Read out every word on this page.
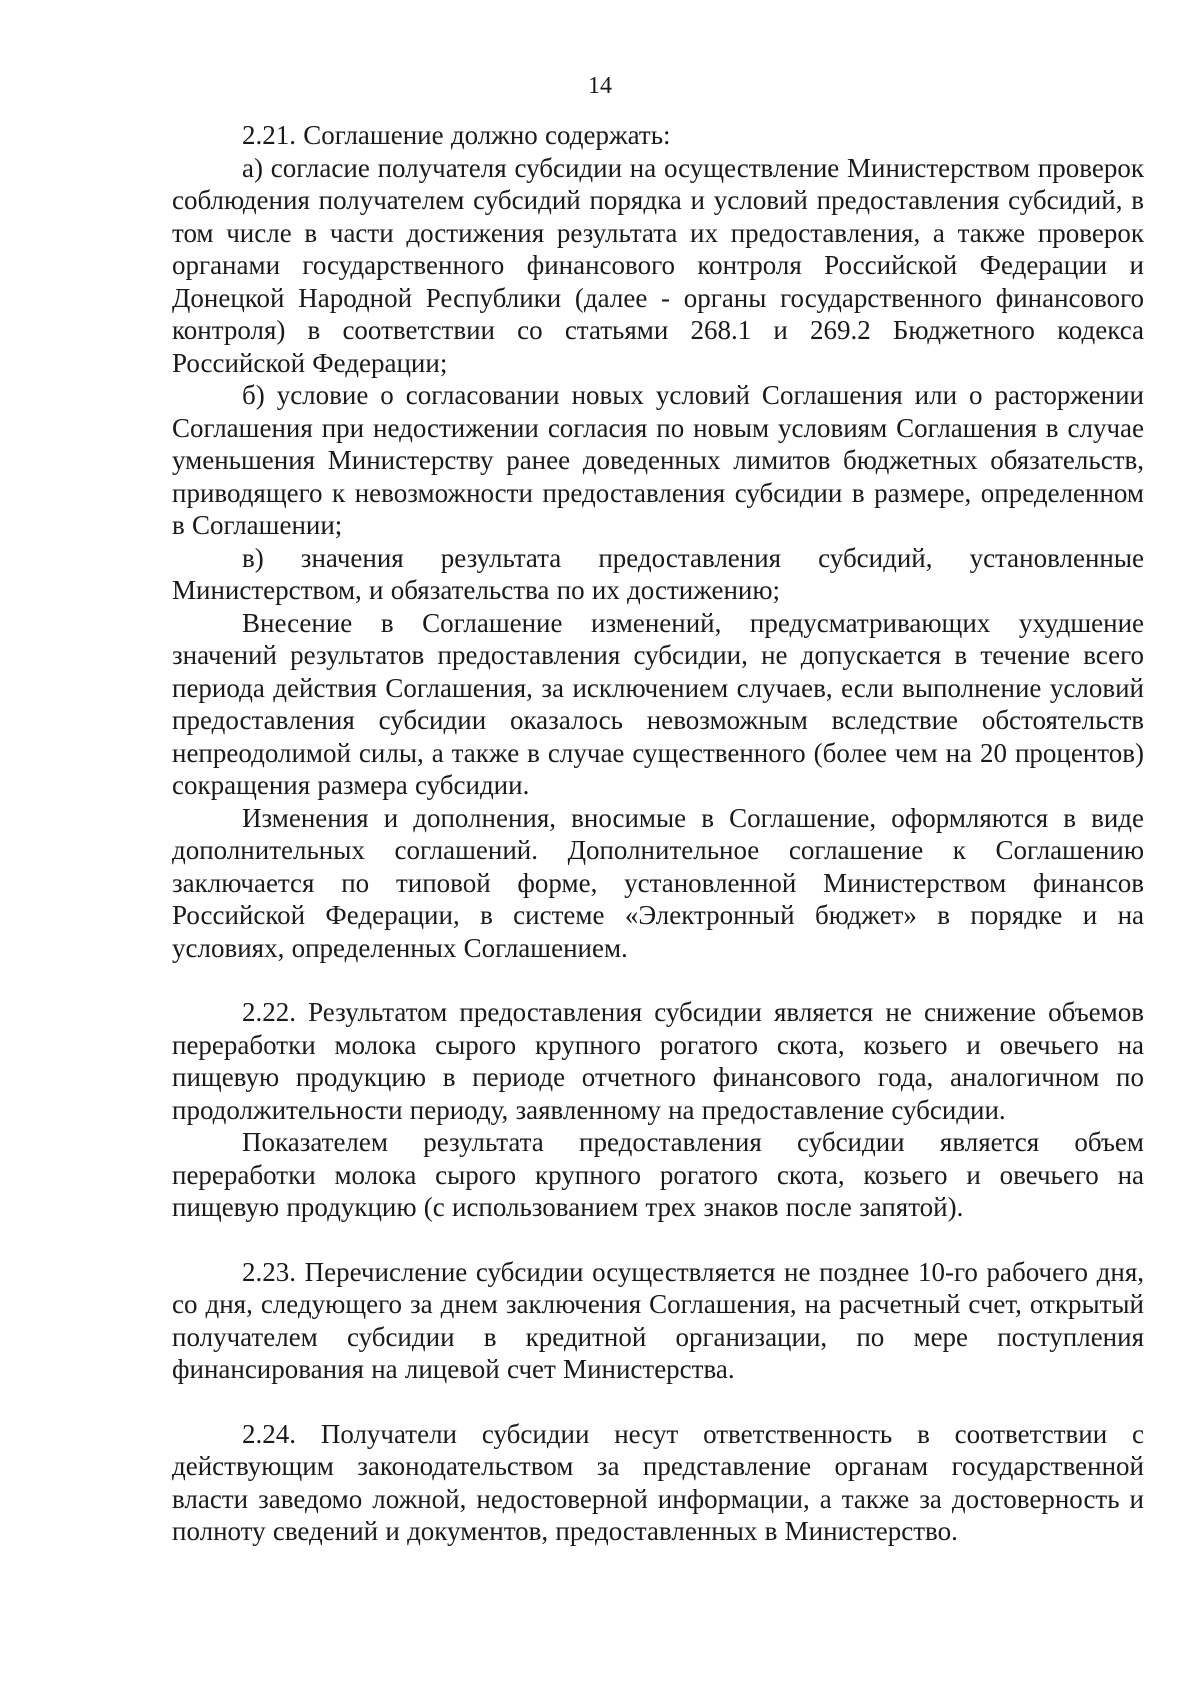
14

2.21. Соглашение должно содержать:

а) согласие получателя субсидии на осуществление Министерством проверок соблюдения получателем субсидий порядка и условий предоставления субсидий, в том числе в части достижения результата их предоставления, а также проверок органами государственного финансового контроля Российской Федерации и Донецкой Народной Республики (далее - органы государственного финансового контроля) в соответствии со статьями 268.1 и 269.2 Бюджетного кодекса Российской Федерации;

б) условие о согласовании новых условий Соглашения или о расторжении Соглашения при недостижении согласия по новым условиям Соглашения в случае уменьшения Министерству ранее доведенных лимитов бюджетных обязательств, приводящего к невозможности предоставления субсидии в размере, определенном в Соглашении;

в) значения результата предоставления субсидий, установленные Министерством, и обязательства по их достижению;

Внесение в Соглашение изменений, предусматривающих ухудшение значений результатов предоставления субсидии, не допускается в течение всего периода действия Соглашения, за исключением случаев, если выполнение условий предоставления субсидии оказалось невозможным вследствие обстоятельств непреодолимой силы, а также в случае существенного (более чем на 20 процентов) сокращения размера субсидии.

Изменения и дополнения, вносимые в Соглашение, оформляются в виде дополнительных соглашений. Дополнительное соглашение к Соглашению заключается по типовой форме, установленной Министерством финансов Российской Федерации, в системе «Электронный бюджет» в порядке и на условиях, определенных Соглашением.

2.22. Результатом предоставления субсидии является не снижение объемов переработки молока сырого крупного рогатого скота, козьего и овечьего на пищевую продукцию в периоде отчетного финансового года, аналогичном по продолжительности периоду, заявленному на предоставление субсидии.

Показателем результата предоставления субсидии является объем переработки молока сырого крупного рогатого скота, козьего и овечьего на пищевую продукцию (с использованием трех знаков после запятой).

2.23. Перечисление субсидии осуществляется не позднее 10-го рабочего дня, со дня, следующего за днем заключения Соглашения, на расчетный счет, открытый получателем субсидии в кредитной организации, по мере поступления финансирования на лицевой счет Министерства.

2.24. Получатели субсидии несут ответственность в соответствии с действующим законодательством за представление органам государственной власти заведомо ложной, недостоверной информации, а также за достоверность и полноту сведений и документов, предоставленных в Министерство.
